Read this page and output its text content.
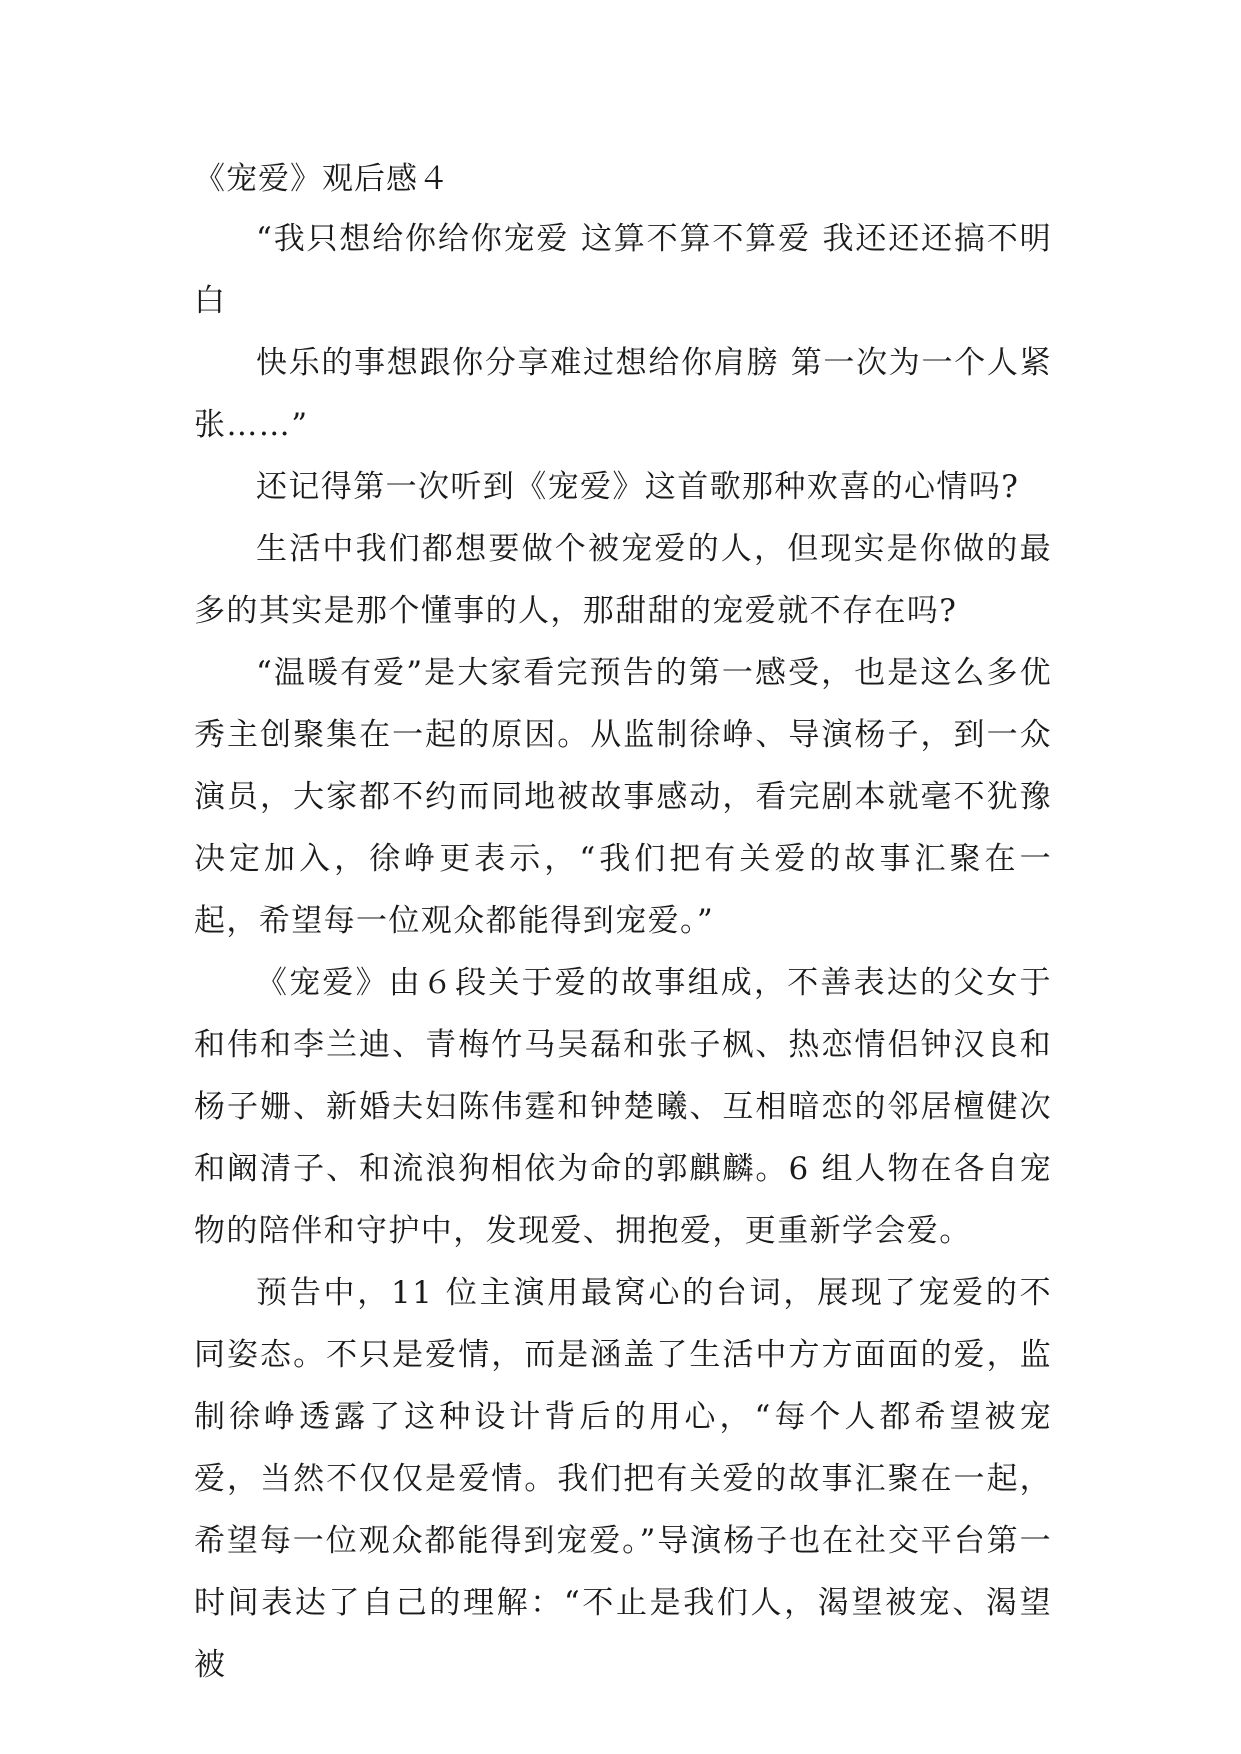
《宠爱》观后感４

“我只想给你给你宠爱 这算不算不算爱 我还还还搞不明白

快乐的事想跟你分享难过想给你肩膀 第一次为一个人紧张……”

还记得第一次听到《宠爱》这首歌那种欢喜的心情吗?

生活中我们都想要做个被宠爱的人，但现实是你做的最多的其实是那个懂事的人，那甜甜的宠爱就不存在吗?

“温暖有爱”是大家看完预告的第一感受，也是这么多优秀主创聚集在一起的原因。从监制徐峥、导演杨子，到一众演员，大家都不约而同地被故事感动，看完剧本就毫不犹豫决定加入，徐峥更表示，“我们把有关爱的故事汇聚在一起，希望每一位观众都能得到宠爱。”

《宠爱》由６段关于爱的故事组成，不善表达的父女于和伟和李兰迪、青梅竹马吴磊和张子枫、热恋情侣钟汉良和杨子姗、新婚夫妇陈伟霆和钟楚曦、互相暗恋的邻居檀健次和阚清子、和流浪狗相依为命的郭麒麟。6 组人物在各自宠物的陪伴和守护中，发现爱、拥抱爱，更重新学会爱。

预告中，11 位主演用最窝心的台词，展现了宠爱的不同姿态。不只是爱情，而是涵盖了生活中方方面面的爱，监制徐峥透露了这种设计背后的用心，“每个人都希望被宠爱，当然不仅仅是爱情。我们把有关爱的故事汇聚在一起，希望每一位观众都能得到宠爱。”导演杨子也在社交平台第一时间表达了自己的理解：“不止是我们人，渴望被宠、渴望被
